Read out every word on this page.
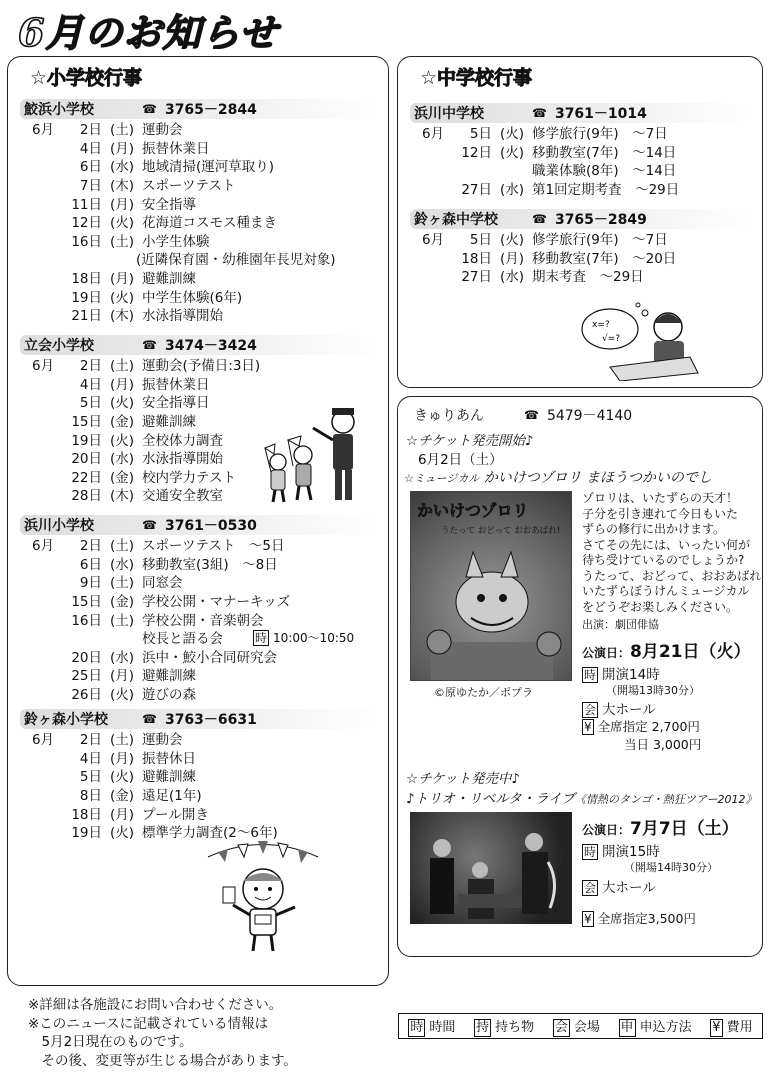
6月のお知らせ
☆小学校行事
鮫浜小学校	☎ 3765－2844
6月	2日 (土) 運動会
4日 (月) 振替休業日
6日 (水) 地域清掃(運河草取り)
7日 (木) スポーツテスト
11日 (月) 安全指導
12日 (火) 花海道コスモス種まき
16日 (土) 小学生体験
(近隣保育園・幼稚園年長児対象)
18日 (月) 避難訓練
19日 (火) 中学生体験(6年)
21日 (木) 水泳指導開始
立会小学校	☎ 3474－3424
6月	2日 (土) 運動会(予備日:3日)
4日 (月) 振替休業日
5日 (火) 安全指導日
15日 (金) 避難訓練
19日 (火) 全校体力調査
20日 (水) 水泳指導開始
22日 (金) 校内学力テスト
28日 (木) 交通安全教室
浜川小学校	☎ 3761－0530
6月	2日 (土) スポーツテスト　～5日
6日 (水) 移動教室(3組)　～8日
9日 (土) 同窓会
15日 (金) 学校公開・マナーキッズ
16日 (土) 学校公開・音楽朝会
校長と語る会	時 10:00～10:50
20日 (水) 浜中・鮫小合同研究会
25日 (月) 避難訓練
26日 (火) 遊びの森
鈴ヶ森小学校	☎ 3763－6631
6月	2日 (土) 運動会
4日 (月) 振替休日
5日 (火) 避難訓練
8日 (金) 遠足(1年)
18日 (月) プール開き
19日 (火) 標準学力調査(2～6年)
☆中学校行事
浜川中学校	☎ 3761－1014
6月	5日 (火) 修学旅行(9年)　～7日
12日 (火) 移動教室(7年)　～14日
職業体験(8年)　～14日
27日 (水) 第1回定期考査　～29日
鈴ヶ森中学校	☎ 3765－2849
6月	5日 (火) 修学旅行(9年)　～7日
18日 (月) 移動教室(7年)　～20日
27日 (水) 期末考査　～29日
x=?
√=?
きゅりあん	☎ 5479－4140
☆チケット発売開始♪
6月2日（土）
☆ミュージカル かいけつゾロリ まほうつかいのでし
かいけつゾロリ
うたって おどって おおあばれ!
©原ゆたか／ポプラ
ゾロリは、いたずらの天才！
子分を引き連れて今日もいた
ずらの修行に出かけます。
さてその先には、いったい何が
待ち受けているのでしょうか?
うたって、おどって、おおあばれ
いたずらぼうけんミュージカル
をどうぞお楽しみください。
出演：劇団俳協
公演日：8月21日（火）
時 開演14時
（開場13時30分）
会 大ホール
¥ 全席指定 2,700円
当日 3,000円
☆チケット発売中♪
♪トリオ・リベルタ・ライブ《情熱のタンゴ・熱狂ツアー2012》
公演日：7月7日（土）
時 開演15時
（開場14時30分）
会 大ホール
¥ 全席指定3,500円
※詳細は各施設にお問い合わせください。
※このニュースに記載されている情報は
　5月2日現在のものです。
　その後、変更等が生じる場合があります。
時 時間 持 持ち物 会 会場 申 申込方法 ¥ 費用
